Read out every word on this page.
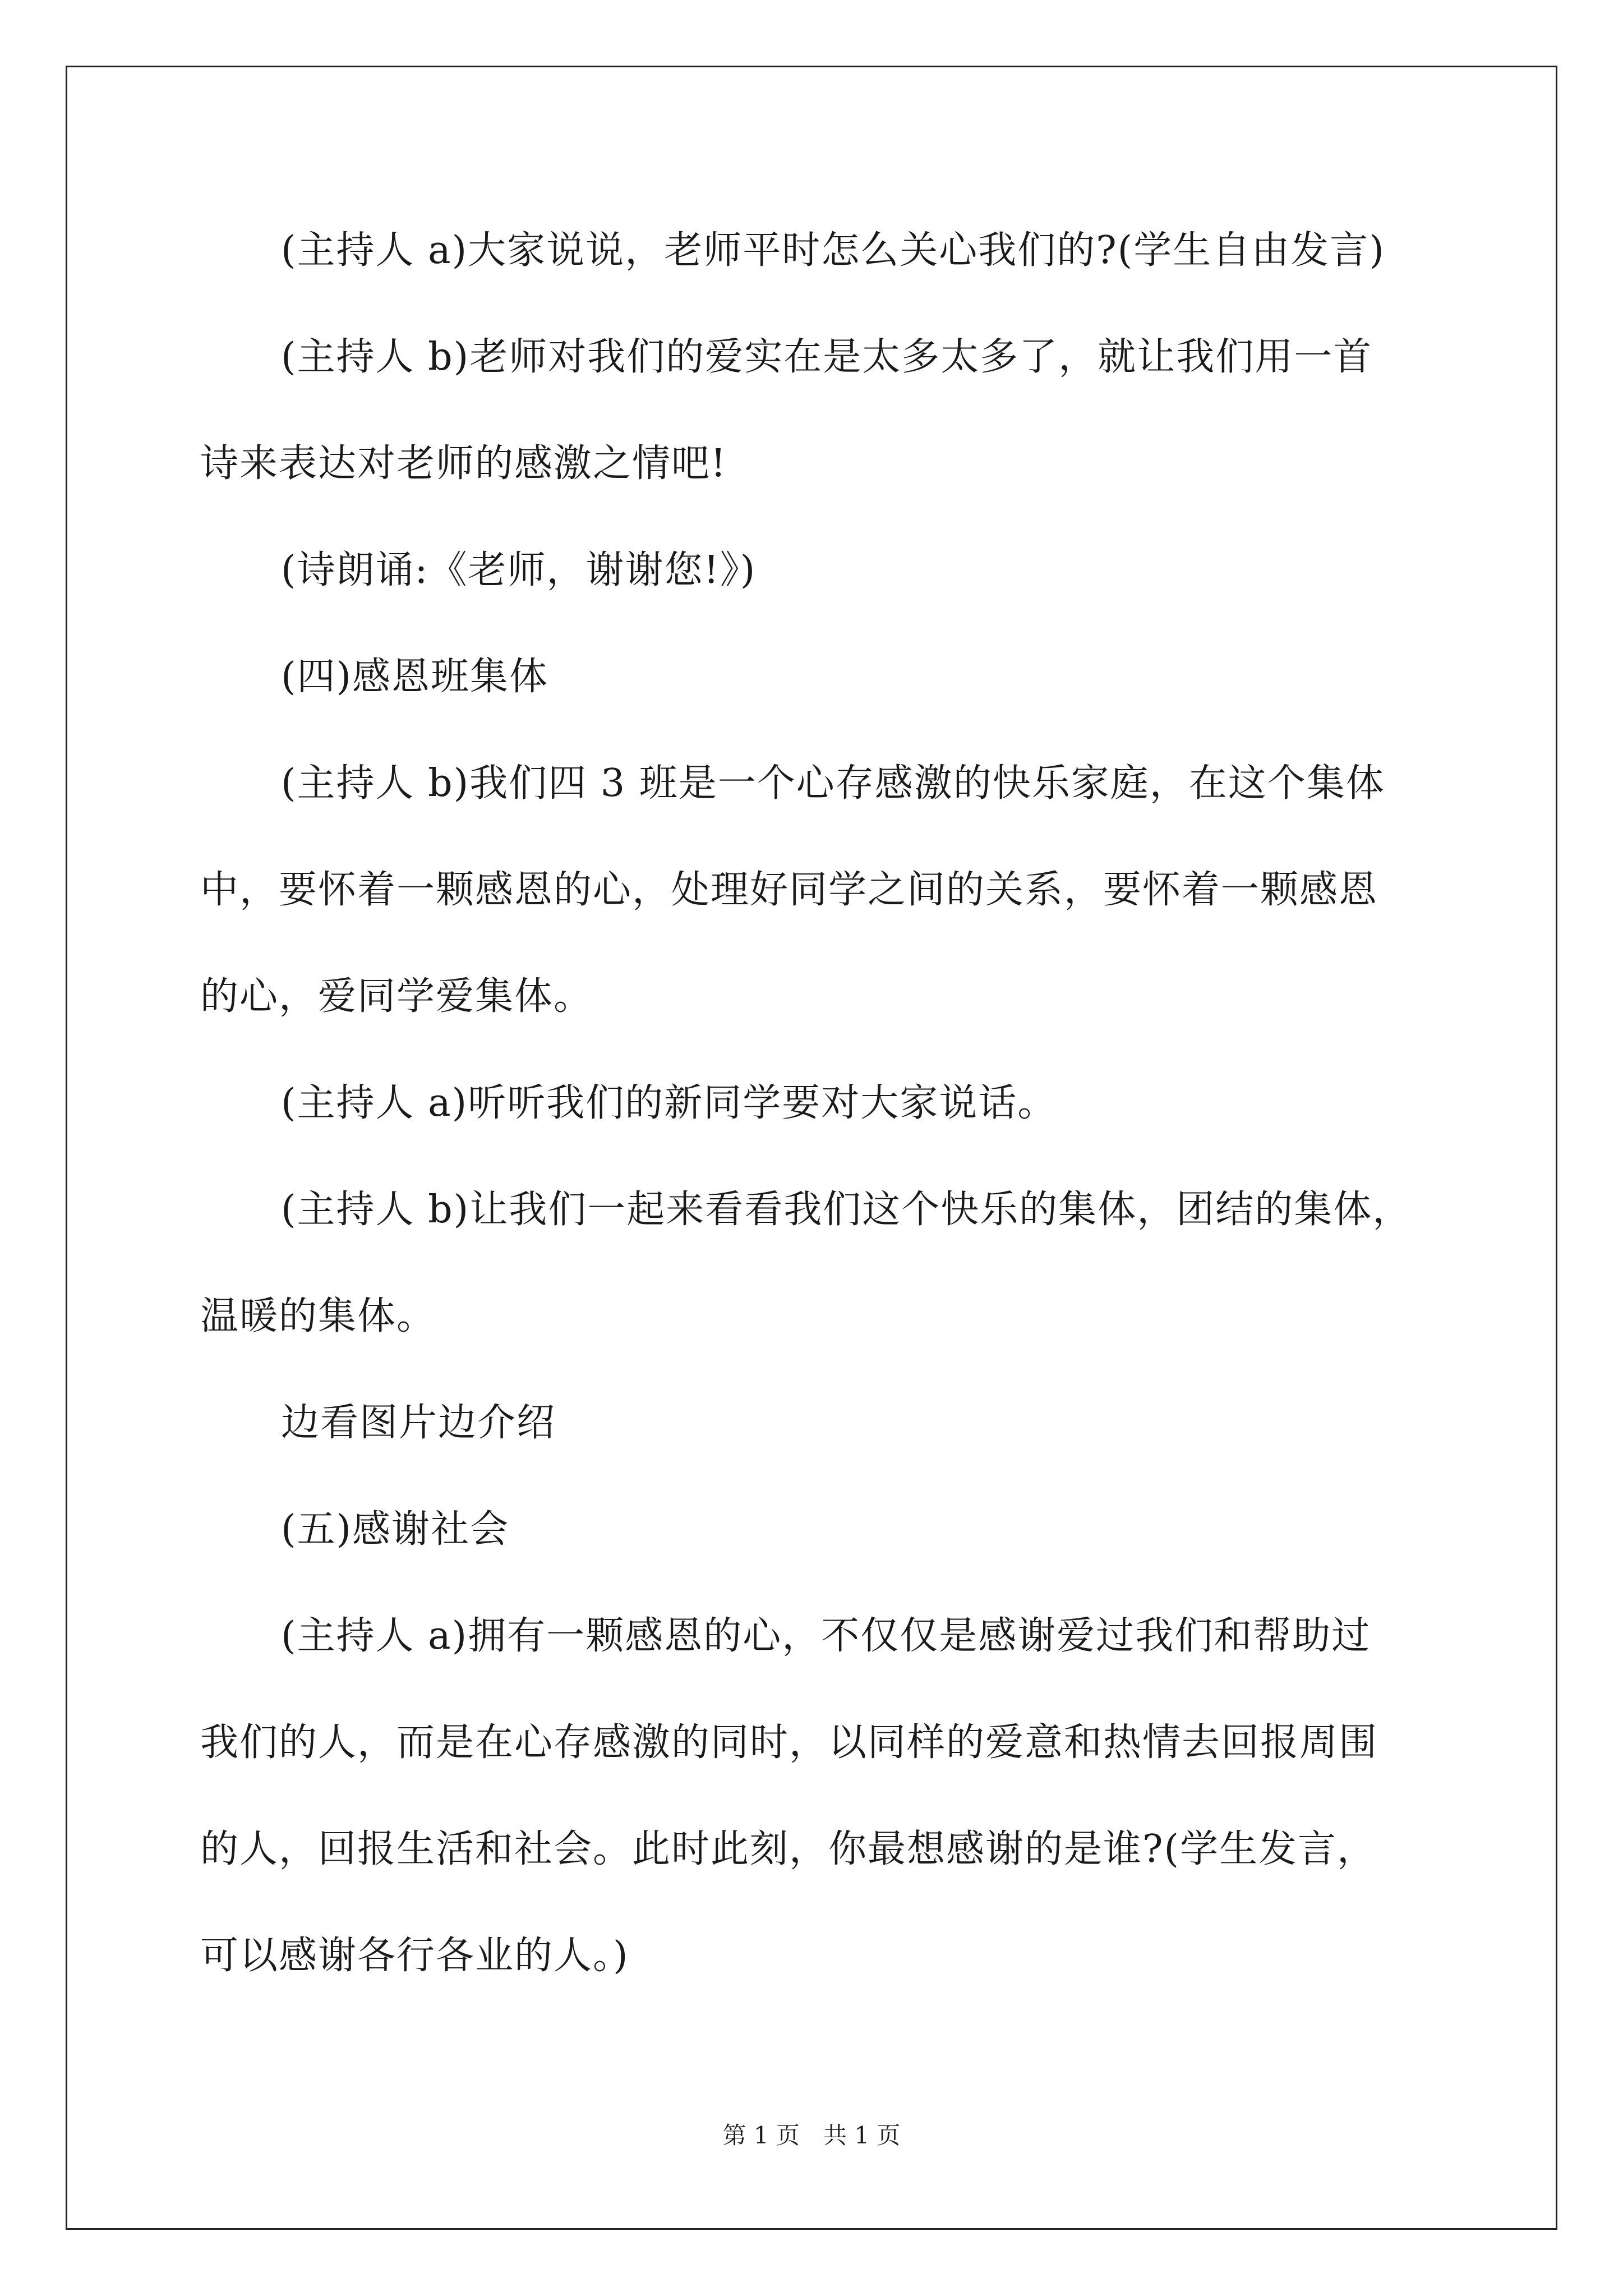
(主持人 a)大家说说，老师平时怎么关心我们的?(学生自由发言)
(主持人 b)老师对我们的爱实在是太多太多了，就让我们用一首
诗来表达对老师的感激之情吧!
(诗朗诵:《老师，谢谢您!》)
(四)感恩班集体
(主持人 b)我们四 3 班是一个心存感激的快乐家庭，在这个集体
中，要怀着一颗感恩的心，处理好同学之间的关系，要怀着一颗感恩
的心，爱同学爱集体。
(主持人 a)听听我们的新同学要对大家说话。
(主持人 b)让我们一起来看看我们这个快乐的集体，团结的集体，
温暖的集体。
边看图片边介绍
(五)感谢社会
(主持人 a)拥有一颗感恩的心，不仅仅是感谢爱过我们和帮助过
我们的人，而是在心存感激的同时，以同样的爱意和热情去回报周围
的人，回报生活和社会。此时此刻，你最想感谢的是谁?(学生发言，
可以感谢各行各业的人。)
第 1 页　共 1 页
